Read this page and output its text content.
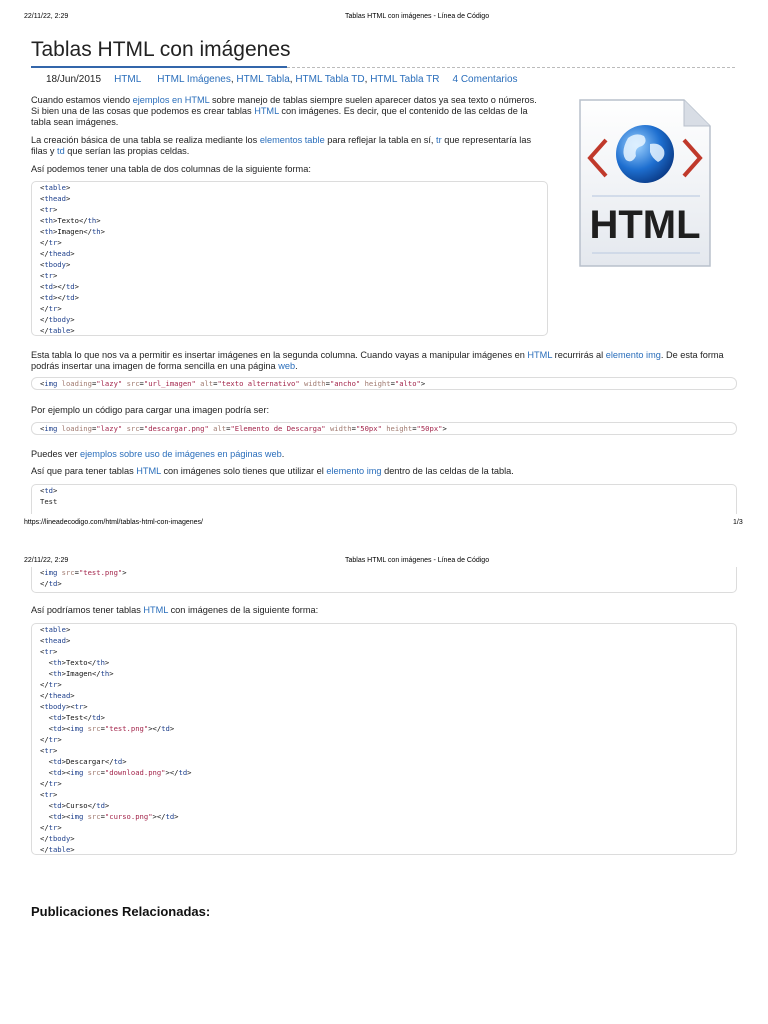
22/11/22, 2:29	Tablas HTML con imágenes - Línea de Código
Tablas HTML con imágenes
18/Jun/2015 HTML HTML Imágenes , HTML Tabla , HTML Tabla TD , HTML Tabla TR 4 Comentarios
HTML

Cuando estamos viendo ejemplos en HTML sobre manejo de tablas siempre suelen aparecer datos ya sea texto o números. Si bien una de las cosas que podemos es crear tablas HTML con imágenes. Es decir, que el contenido de las celdas de la tabla sean imágenes.

La creación básica de una tabla se realiza mediante los elementos table para reflejar la tabla en sí, tr que representaría las filas y td que serían las propias celdas.

Así podemos tener una tabla de dos columnas de la siguiente forma:

<table>
<thead>
<tr>
<th>Texto</th>
<th>Imagen</th>
</tr>
</thead>
<tbody>
<tr>
<td></td>
<td></td>
</tr>
</tbody>
</table>

Esta tabla lo que nos va a permitir es insertar imágenes en la segunda columna. Cuando vayas a manipular imágenes en HTML recurrirás al elemento img. De esta forma podrás insertar una imagen de forma sencilla en una página web.

<img loading="lazy" src="url_imagen" alt="texto alternativo" width="ancho" height="alto">

Por ejemplo un código para cargar una imagen podría ser:

<img loading="lazy" src="descargar.png" alt="Elemento de Descarga" width="50px" height="50px">

Puedes ver ejemplos sobre uso de imágenes en páginas web.

Así que para tener tablas HTML con imágenes solo tienes que utilizar el elemento img dentro de las celdas de la tabla.

<td>
Test
https://lineadecodigo.com/html/tablas-html-con-imagenes/	1/3
22/11/22, 2:29	Tablas HTML con imágenes - Línea de Código
<img src="test.png">
</td>

Así podríamos tener tablas HTML con imágenes de la siguiente forma:

<table>
<thead>
<tr>
<th>Texto</th>
<th>Imagen</th>
</tr>
</thead>
<tbody><tr>
<td>Test</td>
<td><img src="test.png"></td>
</tr>
<tr>
<td>Descargar</td>
<td><img src="download.png"></td>
</tr>
<tr>
<td>Curso</td>
<td><img src="curso.png"></td>
</tr>
</tbody>
</table>
Publicaciones Relacionadas:
